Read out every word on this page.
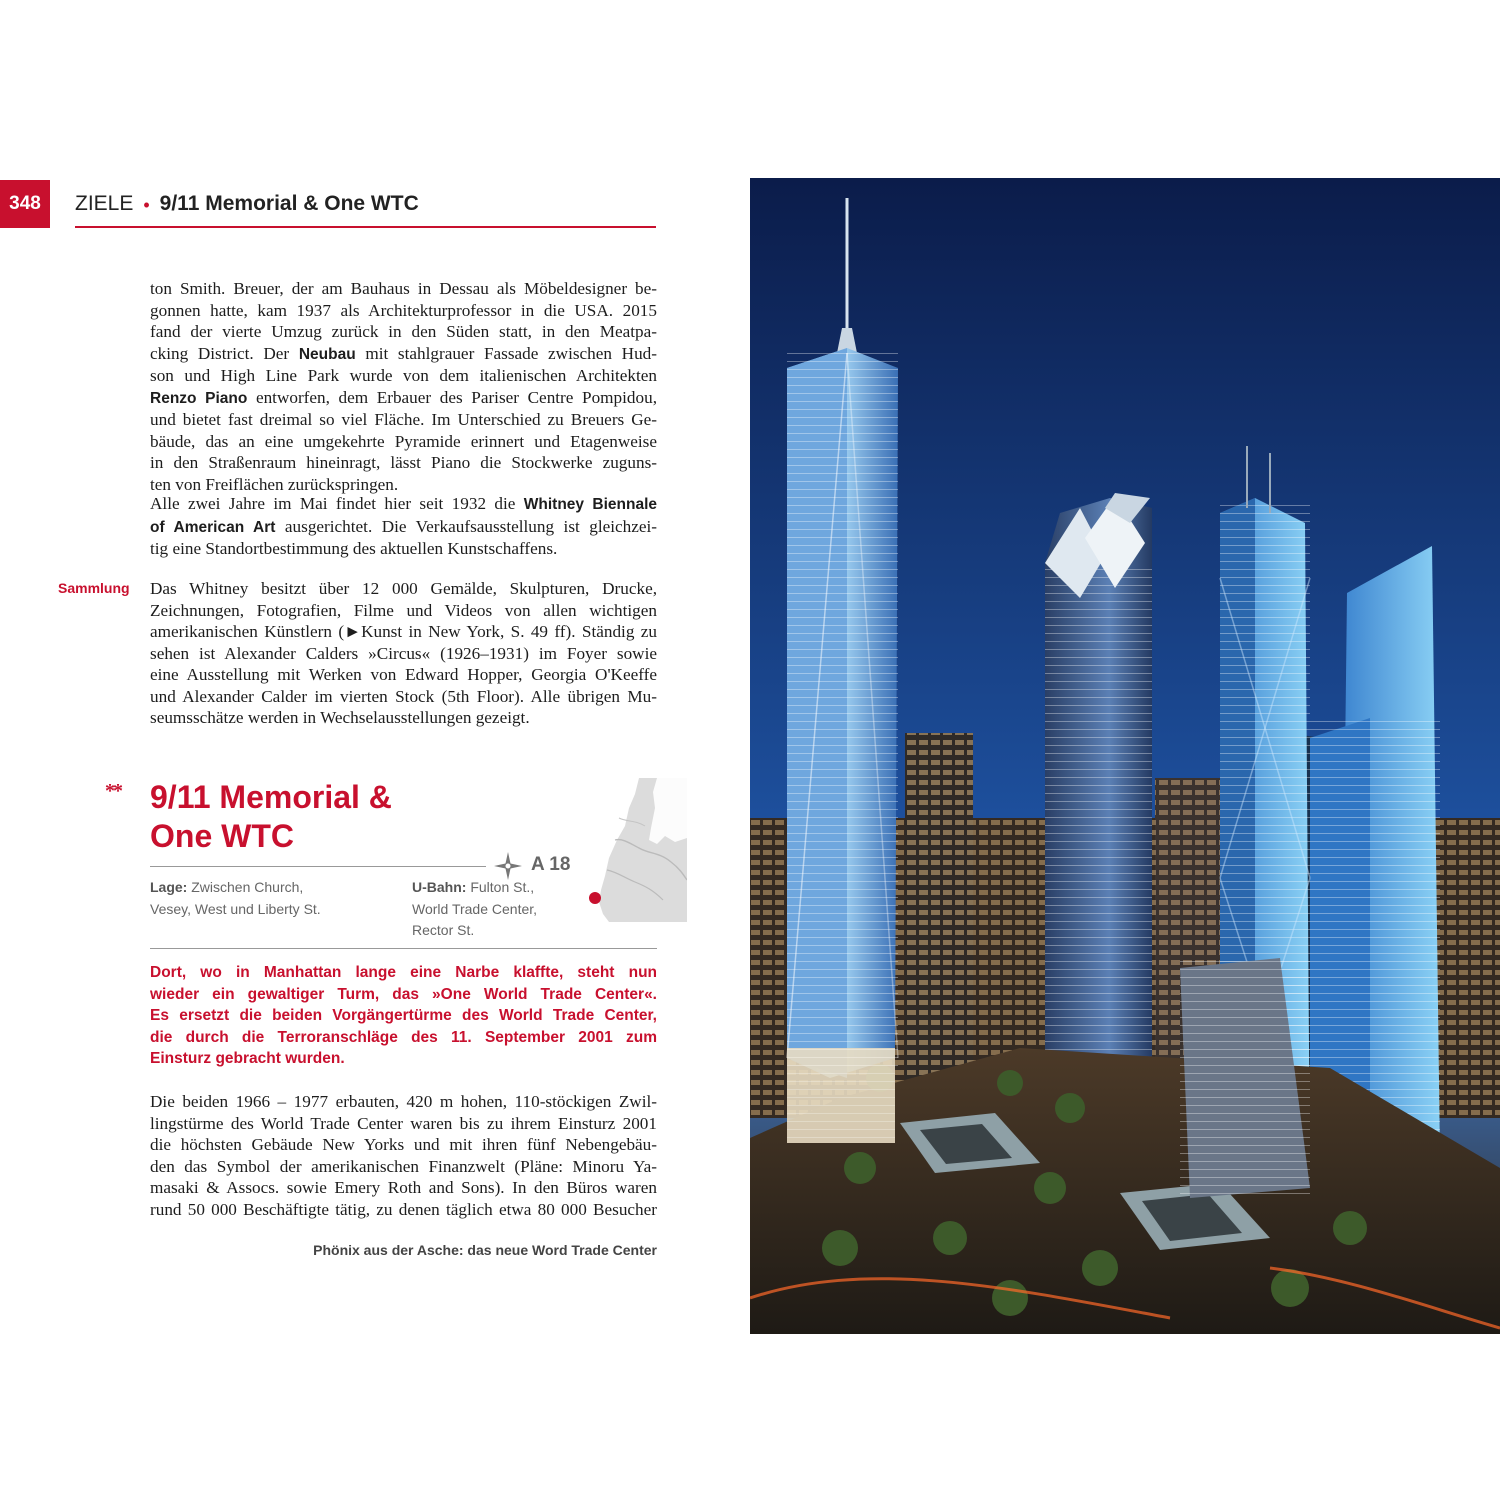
348	ZIELE • 9/11 Memorial & One WTC
ton Smith. Breuer, der am Bauhaus in Dessau als Möbeldesigner be-
gonnen hatte, kam 1937 als Architekturprofessor in die USA. 2015
fand der vierte Umzug zurück in den Süden statt, in den Meatpa-
cking District. Der Neubau mit stahlgrauer Fassade zwischen Hud-
son und High Line Park wurde von dem italienischen Architekten
Renzo Piano entworfen, dem Erbauer des Pariser Centre Pompidou,
und bietet fast dreimal so viel Fläche. Im Unterschied zu Breuers Ge-
bäude, das an eine umgekehrte Pyramide erinnert und Etagenweise
in den Straßenraum hineinragt, lässt Piano die Stockwerke zuguns-
ten von Freiflächen zurückspringen.
Alle zwei Jahre im Mai findet hier seit 1932 die Whitney Biennale
of American Art ausgerichtet. Die Verkaufsausstellung ist gleichzei-
tig eine Standortbestimmung des aktuellen Kunstschaffens.
Sammlung Das Whitney besitzt über 12 000 Gemälde, Skulpturen, Drucke,
Zeichnungen, Fotografien, Filme und Videos von allen wichtigen
amerikanischen Künstlern (►Kunst in New York, S. 49 ff). Ständig zu
sehen ist Alexander Calders »Circus« (1926–1931) im Foyer sowie
eine Ausstellung mit Werken von Edward Hopper, Georgia O'Keeffe
und Alexander Calder im vierten Stock (5th Floor). Alle übrigen Mu-
seumsschätze werden in Wechselausstellungen gezeigt.
** 9/11 Memorial &
One WTC
A 18
Lage: Zwischen Church,
Vesey, West und Liberty St.
U-Bahn: Fulton St.,
World Trade Center,
Rector St.
Dort, wo in Manhattan lange eine Narbe klaffte, steht nun
wieder ein gewaltiger Turm, das »One World Trade Center«.
Es ersetzt die beiden Vorgängertürme des World Trade Center,
die durch die Terroranschläge des 11. September 2001 zum
Einsturz gebracht wurden.
Die beiden 1966 – 1977 erbauten, 420 m hohen, 110-stöckigen Zwil-
lingstürme des World Trade Center waren bis zu ihrem Einsturz 2001
die höchsten Gebäude New Yorks und mit ihren fünf Nebengebäu-
den das Symbol der amerikanischen Finanzwelt (Pläne: Minoru Ya-
masaki & Assocs. sowie Emery Roth and Sons). In den Büros waren
rund 50 000 Beschäftigte tätig, zu denen täglich etwa 80 000 Besucher
Phönix aus der Asche: das neue Word Trade Center
